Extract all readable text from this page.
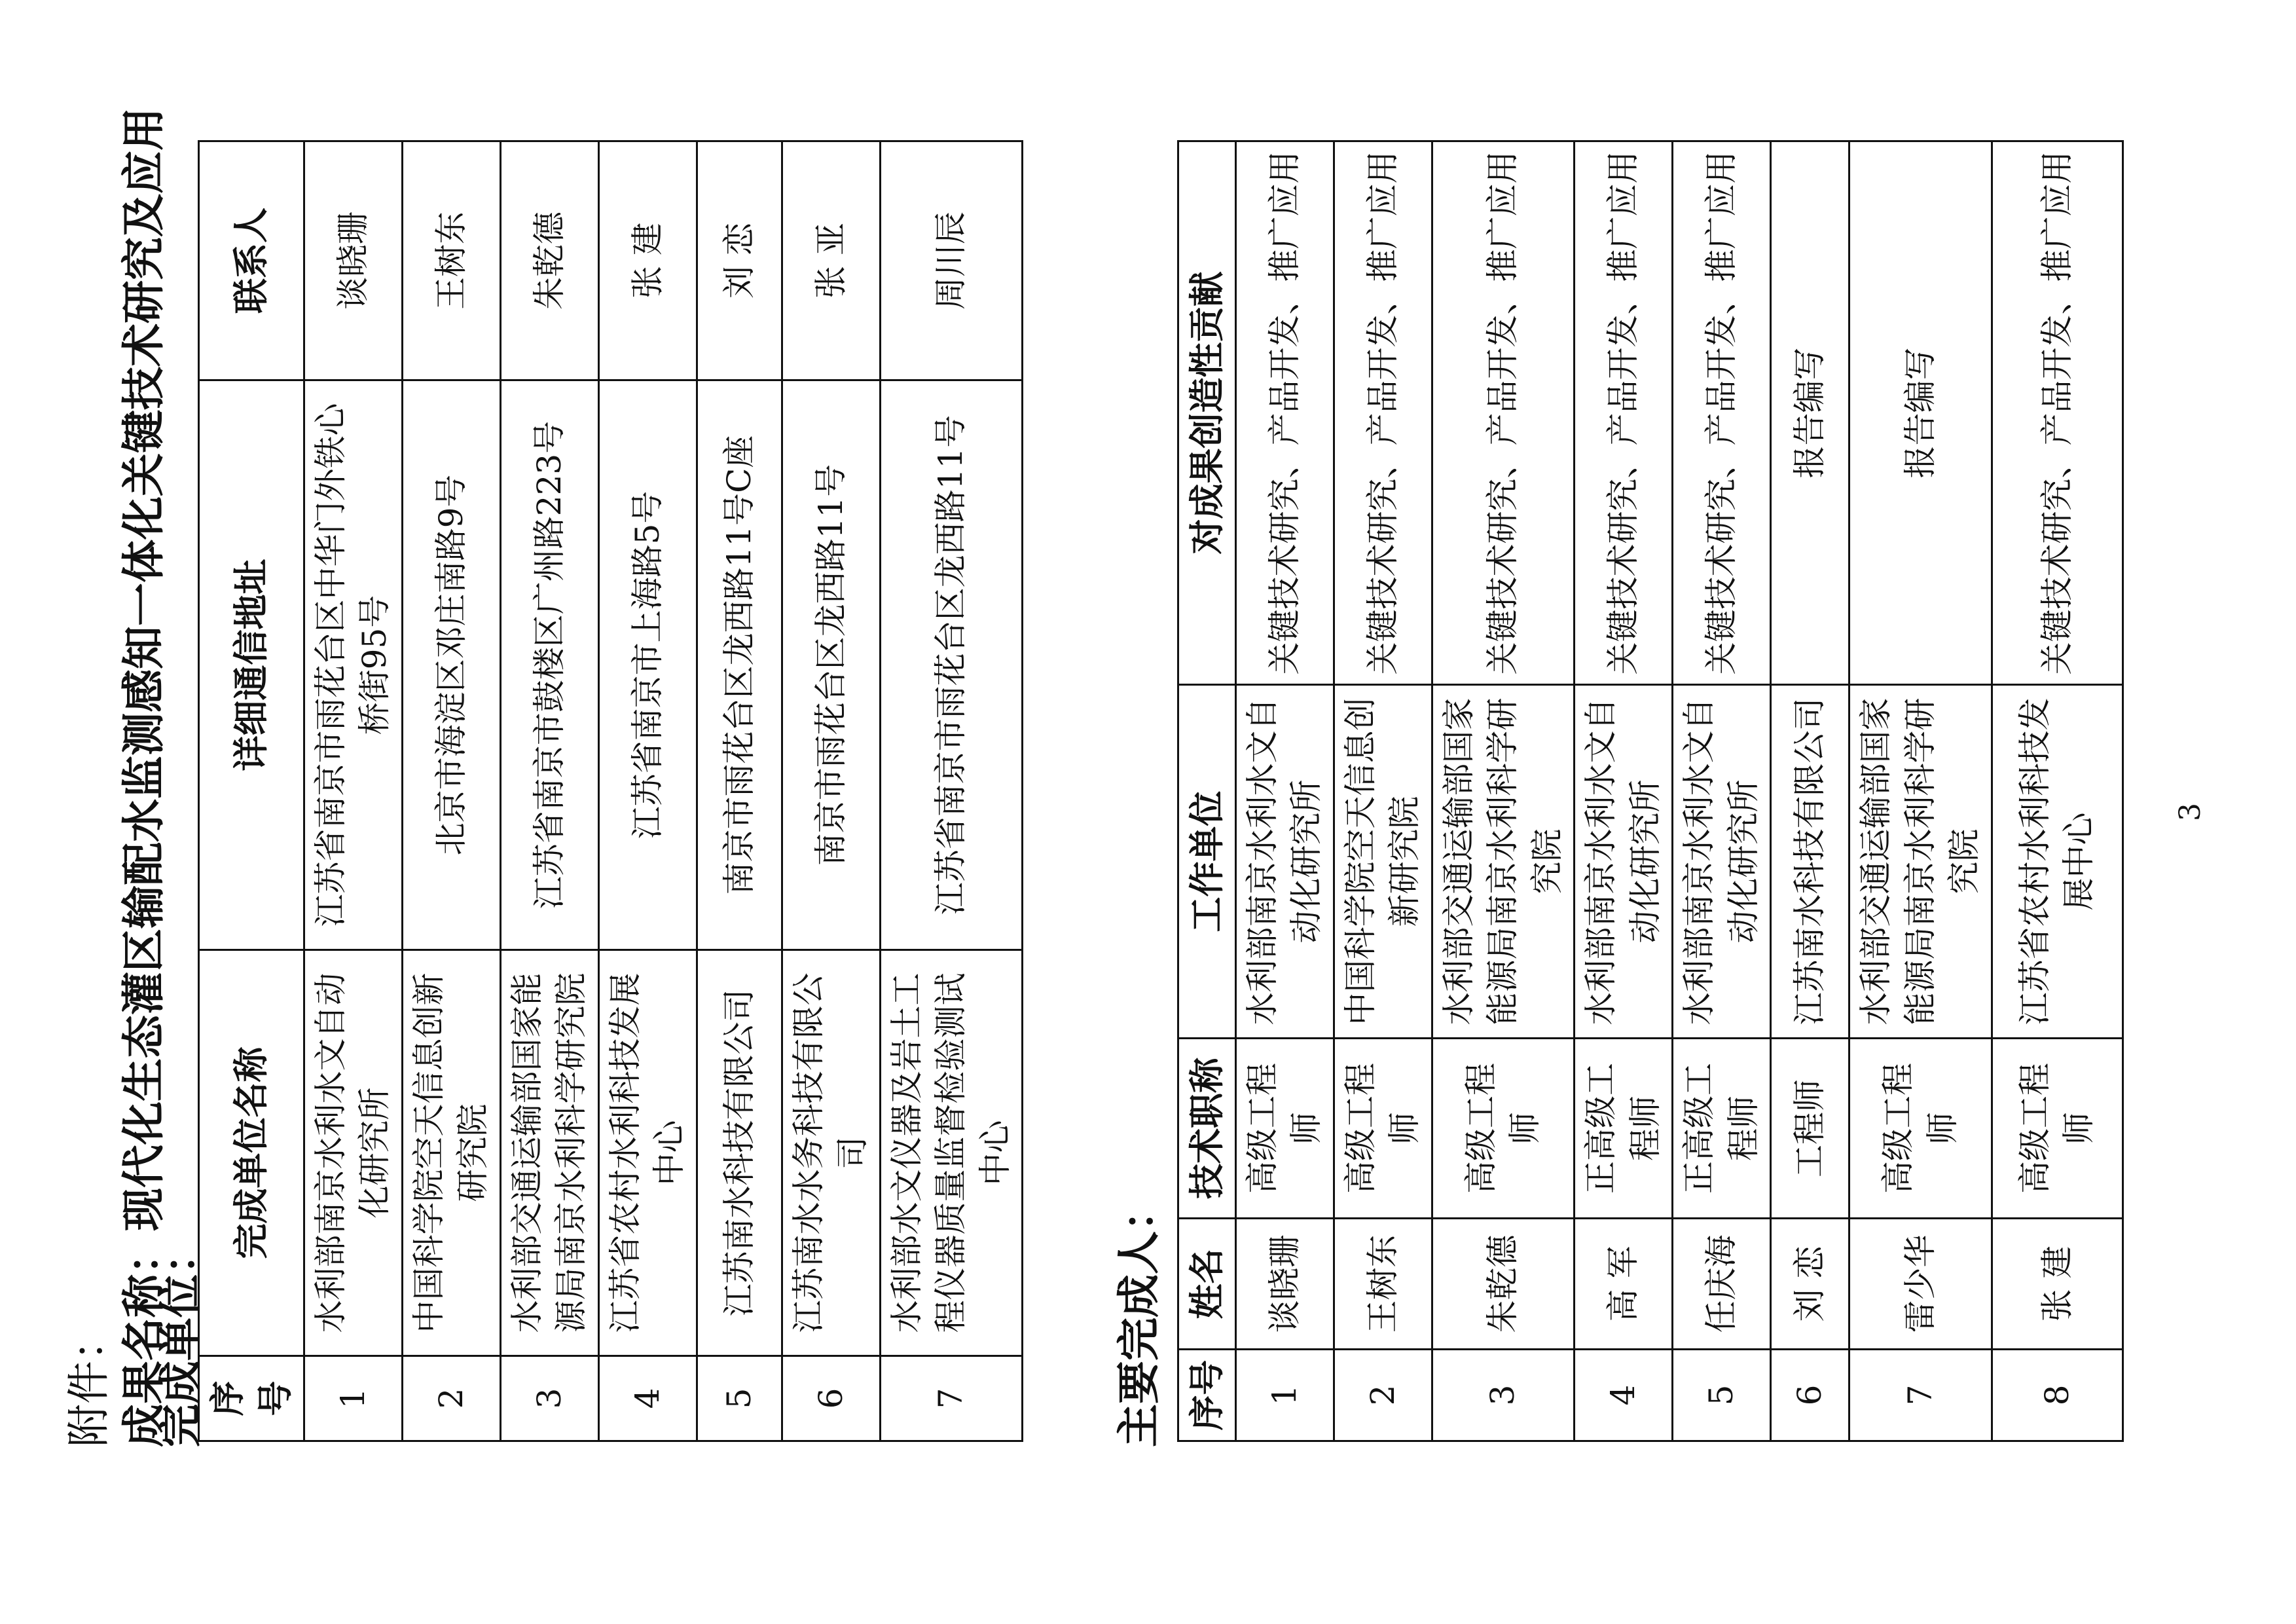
附件： 成果名称：现代化生态灌区输配水监测感知一体化关键技术研究及应用
完成单位： 序号	完成单位名称	详细通信地址	联系人
1	水利部南京水利水文自动化研究所	江苏省南京市雨花台区中华门外铁心桥街95号	谈晓珊
2	中国科学院空天信息创新研究院	北京市海淀区邓庄南路9号	王树东
3	水利部交通运输部国家能源局南京水利科学研究院	江苏省南京市鼓楼区广州路223号	朱乾德
4	江苏省农村水利科技发展中心	江苏省南京市上海路5号	张 建
5	江苏南水科技有限公司	南京市雨花台区龙西路11号C座	刘 恋
6	江苏南水水务科技有限公司	南京市雨花台区龙西路11号	张 亚
7	水利部水文仪器及岩土工程仪器质量监督检验测试中心	江苏省南京市雨花台区龙西路11号	周川辰
主要完成人： 序号	姓名	技术职称	工作单位	对成果创造性贡献
1	谈晓珊	高级工程师	水利部南京水利水文自动化研究所	关键技术研究、产品开发、推广应用
2	王树东	高级工程师	中国科学院空天信息创新研究院	关键技术研究、产品开发、推广应用
3	朱乾德	高级工程师	水利部交通运输部国家能源局南京水利科学研究院	关键技术研究、产品开发、推广应用
4	高 军	正高级工程师	水利部南京水利水文自动化研究所	关键技术研究、产品开发、推广应用
5	任庆海	正高级工程师	水利部南京水利水文自动化研究所	关键技术研究、产品开发、推广应用
6	刘 恋	工程师	江苏南水科技有限公司	报告编写
7	雷少华	高级工程师	水利部交通运输部国家能源局南京水利科学研究院	报告编写
8	张 建	高级工程师	江苏省农村水利科技发展中心	关键技术研究、产品开发、推广应用
3
